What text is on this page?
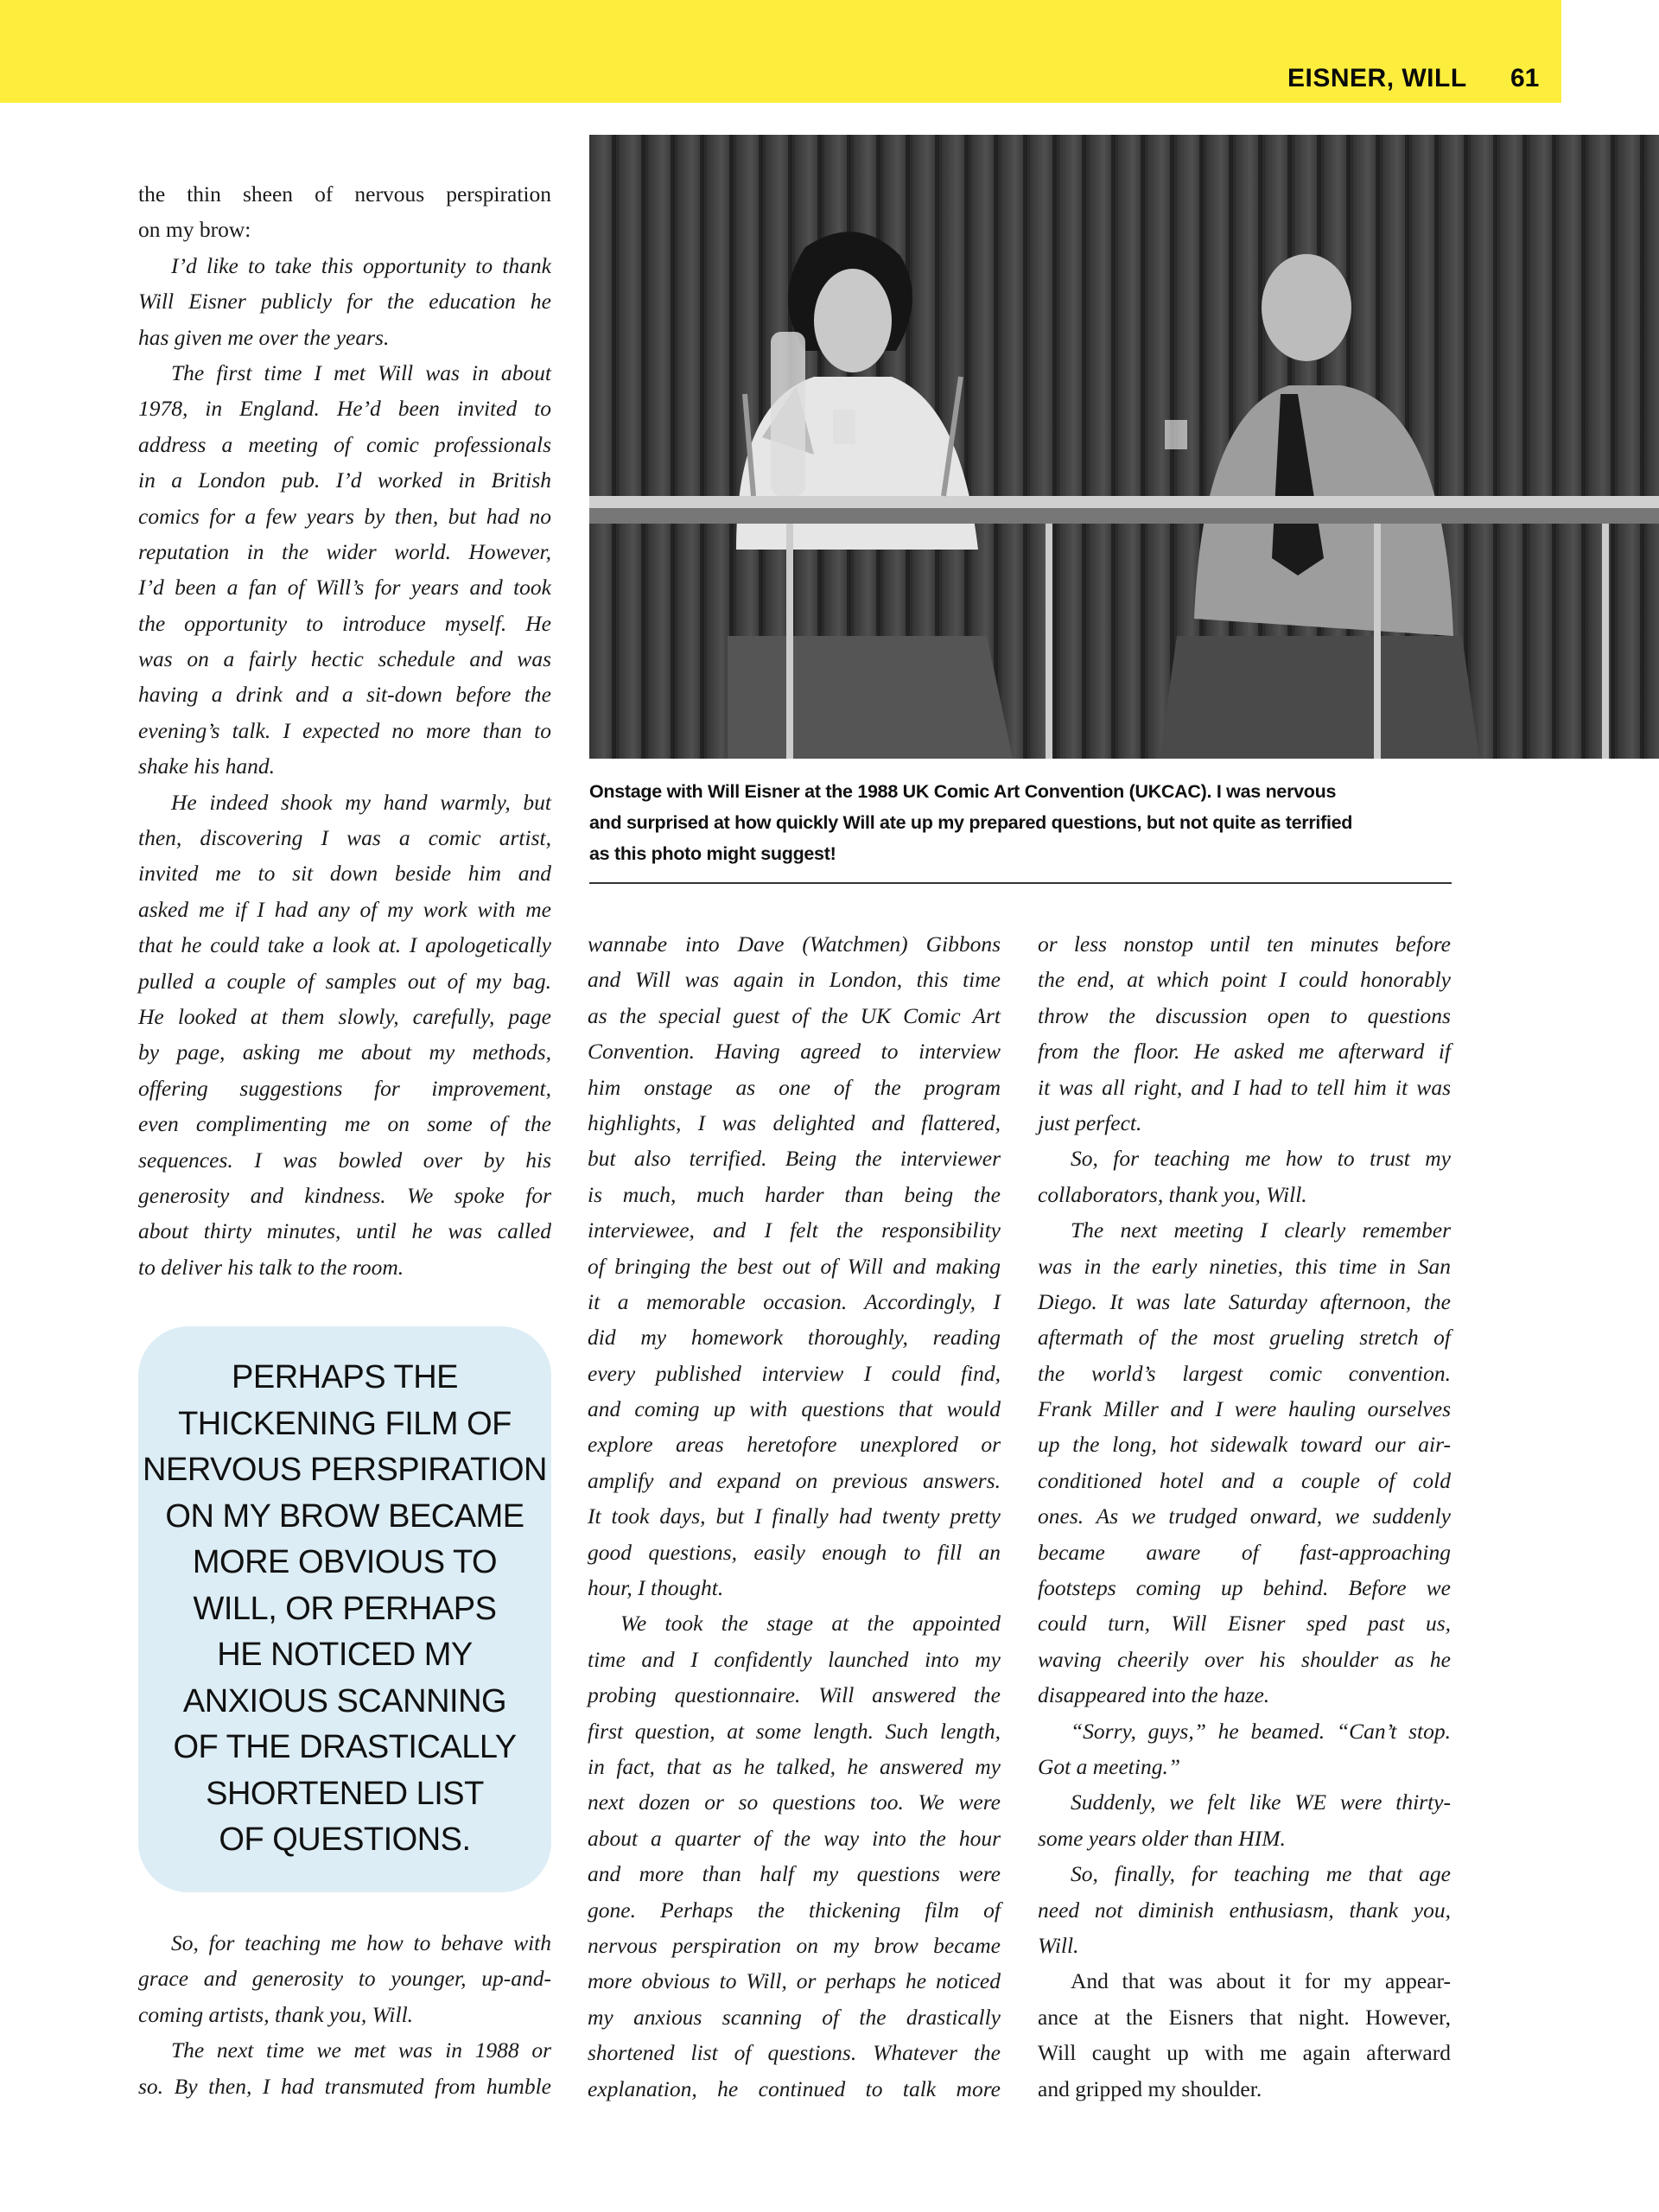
EISNER, WILL 61
Onstage with Will Eisner at the 1988 UK Comic Art Convention (UKCAC). I was nervous
and surprised at how quickly Will ate up my prepared questions, but not quite as terrified
as this photo might suggest!
the thin sheen of nervous perspiration
on my brow:
I’d like to take this opportunity to thank
Will Eisner publicly for the education he
has given me over the years.
The first time I met Will was in about
1978, in England. He’d been invited to
address a meeting of comic professionals
in a London pub. I’d worked in British
comics for a few years by then, but had no
reputation in the wider world. However,
I’d been a fan of Will’s for years and took
the opportunity to introduce myself. He
was on a fairly hectic schedule and was
having a drink and a sit-down before the
evening’s talk. I expected no more than to
shake his hand.
He indeed shook my hand warmly, but
then, discovering I was a comic artist,
invited me to sit down beside him and
asked me if I had any of my work with me
that he could take a look at. I apologetically
pulled a couple of samples out of my bag.
He looked at them slowly, carefully, page
by page, asking me about my methods,
offering suggestions for improvement,
even complimenting me on some of the
sequences. I was bowled over by his
generosity and kindness. We spoke for
about thirty minutes, until he was called
to deliver his talk to the room.
PERHAPS THE
THICKENING FILM OF
NERVOUS PERSPIRATION
ON MY BROW BECAME
MORE OBVIOUS TO
WILL, OR PERHAPS
HE NOTICED MY
ANXIOUS SCANNING
OF THE DRASTICALLY
SHORTENED LIST
OF QUESTIONS.
So, for teaching me how to behave with
grace and generosity to younger, up-and-
coming artists, thank you, Will.
The next time we met was in 1988 or
so. By then, I had transmuted from humble
wannabe into Dave (Watchmen) Gibbons
and Will was again in London, this time
as the special guest of the UK Comic Art
Convention. Having agreed to interview
him onstage as one of the program
highlights, I was delighted and flattered,
but also terrified. Being the interviewer
is much, much harder than being the
interviewee, and I felt the responsibility
of bringing the best out of Will and making
it a memorable occasion. Accordingly, I
did my homework thoroughly, reading
every published interview I could find,
and coming up with questions that would
explore areas heretofore unexplored or
amplify and expand on previous answers.
It took days, but I finally had twenty pretty
good questions, easily enough to fill an
hour, I thought.
We took the stage at the appointed
time and I confidently launched into my
probing questionnaire. Will answered the
first question, at some length. Such length,
in fact, that as he talked, he answered my
next dozen or so questions too. We were
about a quarter of the way into the hour
and more than half my questions were
gone. Perhaps the thickening film of
nervous perspiration on my brow became
more obvious to Will, or perhaps he noticed
my anxious scanning of the drastically
shortened list of questions. Whatever the
explanation, he continued to talk more
or less nonstop until ten minutes before
the end, at which point I could honorably
throw the discussion open to questions
from the floor. He asked me afterward if
it was all right, and I had to tell him it was
just perfect.
So, for teaching me how to trust my
collaborators, thank you, Will.
The next meeting I clearly remember
was in the early nineties, this time in San
Diego. It was late Saturday afternoon, the
aftermath of the most grueling stretch of
the world’s largest comic convention.
Frank Miller and I were hauling ourselves
up the long, hot sidewalk toward our air-
conditioned hotel and a couple of cold
ones. As we trudged onward, we suddenly
became aware of fast-approaching
footsteps coming up behind. Before we
could turn, Will Eisner sped past us,
waving cheerily over his shoulder as he
disappeared into the haze.
“Sorry, guys,” he beamed. “Can’t stop.
Got a meeting.”
Suddenly, we felt like WE were thirty-
some years older than HIM.
So, finally, for teaching me that age
need not diminish enthusiasm, thank you,
Will.
And that was about it for my appear-
ance at the Eisners that night. However,
Will caught up with me again afterward
and gripped my shoulder.
